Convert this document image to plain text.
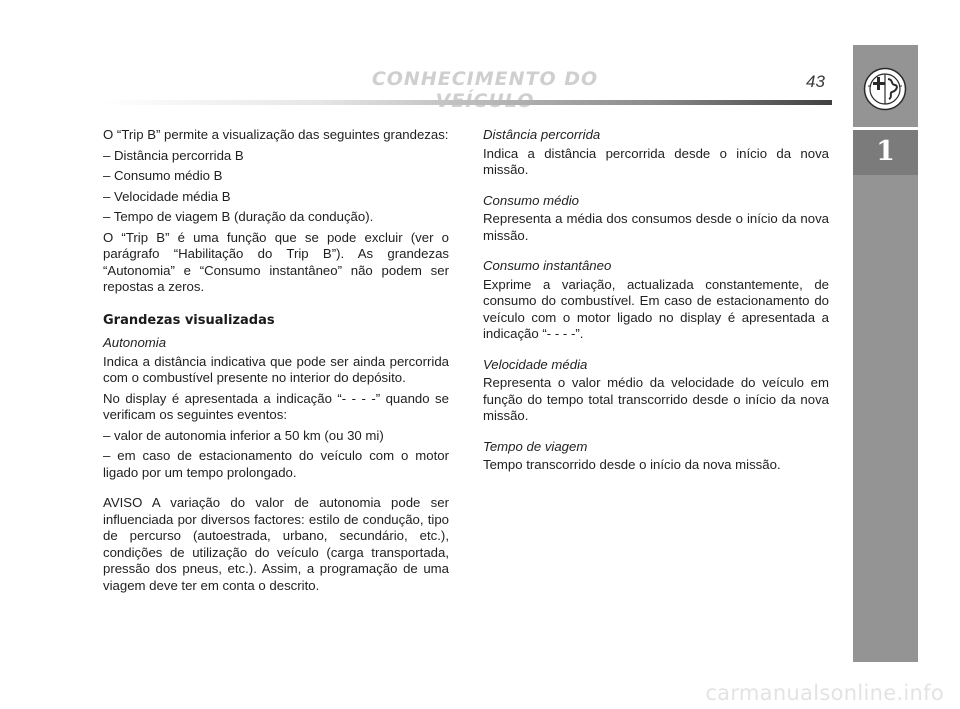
CONHECIMENTO DO	43
1
O “Trip B” permite a visualização das seguintes grandezas:
– Distância percorrida B
– Consumo médio B
– Velocidade média B
– Tempo de viagem B (duração da condução).

O “Trip B” é uma função que se pode excluir (ver o parágrafo “Habilitação do Trip B”). As grandezas “Autonomia” e “Consumo instantâneo” não podem ser repostas a zeros.

Grandezas visualizadas
Autonomia

Indica a distância indicativa que pode ser ainda percorrida com o combustível presente no interior do depósito.

No display é apresentada a indicação “- - - -” quando se verificam os seguintes eventos:

– valor de autonomia inferior a 50 km (ou 30 mi)

– em caso de estacionamento do veículo com o motor ligado por um tempo prolongado.

AVISO A variação do valor de autonomia pode ser influenciada por diversos factores: estilo de condução, tipo de percurso (autoestrada, urbano, secundário, etc.), condições de utilização do veículo (carga transportada, pressão dos pneus, etc.). Assim, a programação de uma viagem deve ter em conta o descrito.

Distância percorrida

Indica a distância percorrida desde o início da nova missão.

Consumo médio

Representa a média dos consumos desde o início da nova missão.

Consumo instantâneo

Exprime a variação, actualizada constantemente, de consumo do combustível. Em caso de estacionamento do veículo com o motor ligado no display é apresentada a indicação “- - - -”.

Velocidade média

Representa o valor médio da velocidade do veículo em função do tempo total transcorrido desde o início da nova missão.

Tempo de viagem

Tempo transcorrido desde o início da nova missão.

carmanualsonline.info
